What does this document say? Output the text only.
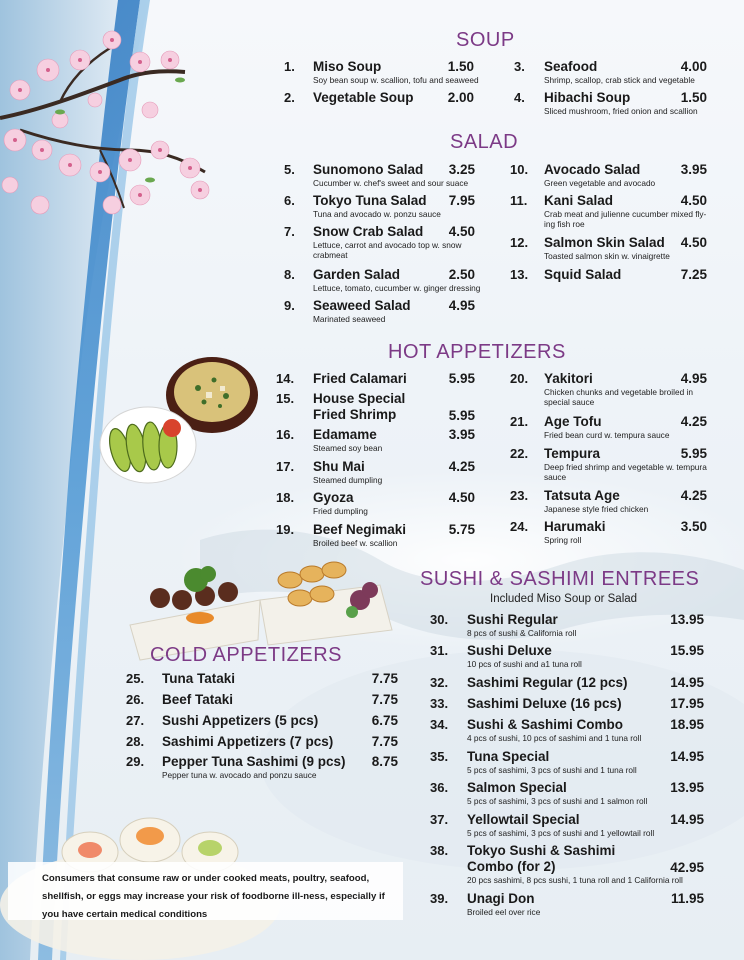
SOUP
1. Miso Soup	1.50
Soy bean soup w. scallion, tofu and seaweed
2. Vegetable Soup	2.00
3. Seafood	4.00
Shrimp, scallop, crab stick and vegetable
4. Hibachi Soup	1.50
Sliced mushroom, fried onion and scallion
SALAD
5. Sunomono Salad 3.25
Cucumber w. chef's sweet and sour suace
6. Tokyo Tuna Salad 7.95
Tuna and avocado w. ponzu sauce
7. Snow Crab Salad 4.50
Lettuce, carrot and avocado top w. snow crabmeat
8. Garden Salad	2.50
Lettuce, tomato, cucumber w. ginger dressing
9. Seaweed Salad	4.95
Marinated seaweed
10. Avocado Salad	3.95
Green vegetable and avocado
11. Kani Salad	4.50
Crab meat and julienne cucumber mixed fly-ing fish roe
12. Salmon Skin Salad 4.50
Toasted salmon skin w. vinaigrette
13. Squid Salad	7.25
HOT APPETIZERS
14. Fried Calamari	5.95
15. House Special
Fried Shrimp	5.95
16. Edamame	3.95
Steamed soy bean
17. Shu Mai	4.25
Steamed dumpling
18. Gyoza	4.50
Fried dumpling
19. Beef Negimaki	5.75
Broiled beef w. scallion
20. Yakitori	4.95
Chicken chunks and vegetable broiled in special sauce
21. Age Tofu	4.25
Fried bean curd w. tempura sauce
22. Tempura	5.95
Deep fried shrimp and vegetable w. tempura sauce
23. Tatsuta Age	4.25
Japanese style fried chicken
24. Harumaki	3.50
Spring roll
SUSHI & SASHIMI ENTREES
Included Miso Soup or Salad
30. Sushi Regular	13.95
8 pcs of sushi & California roll
31. Sushi Deluxe	15.95
10 pcs of sushi and a1 tuna roll
32. Sashimi Regular (12 pcs)	14.95
33. Sashimi Deluxe (16 pcs)	17.95
34. Sushi & Sashimi Combo	18.95
4 pcs of sushi, 10 pcs of sashimi and 1 tuna roll
35. Tuna Special	14.95
5 pcs of sashimi, 3 pcs of sushi and 1 tuna roll
36. Salmon Special	13.95
5 pcs of sashimi, 3 pcs of sushi and 1 salmon roll
37. Yellowtail Special	14.95
5 pcs of sashimi, 3 pcs of sushi and 1 yellowtail roll
38. Tokyo Sushi & Sashimi
Combo (for 2)	42.95
20 pcs sashimi, 8 pcs sushi, 1 tuna roll and 1 California roll
39. Unagi Don	11.95
Broiled eel over rice
COLD APPETIZERS
25. Tuna Tataki	7.75
26. Beef Tataki	7.75
27. Sushi Appetizers (5 pcs)	6.75
28. Sashimi Appetizers (7 pcs)	7.75
29. Pepper Tuna Sashimi (9 pcs) 8.75
Pepper tuna w. avocado and ponzu sauce
Consumers that consume raw or under cooked meats, poultry, seafood, shellfish, or eggs may increase your risk of foodborne ill-ness, especially if you have certain medical conditions
